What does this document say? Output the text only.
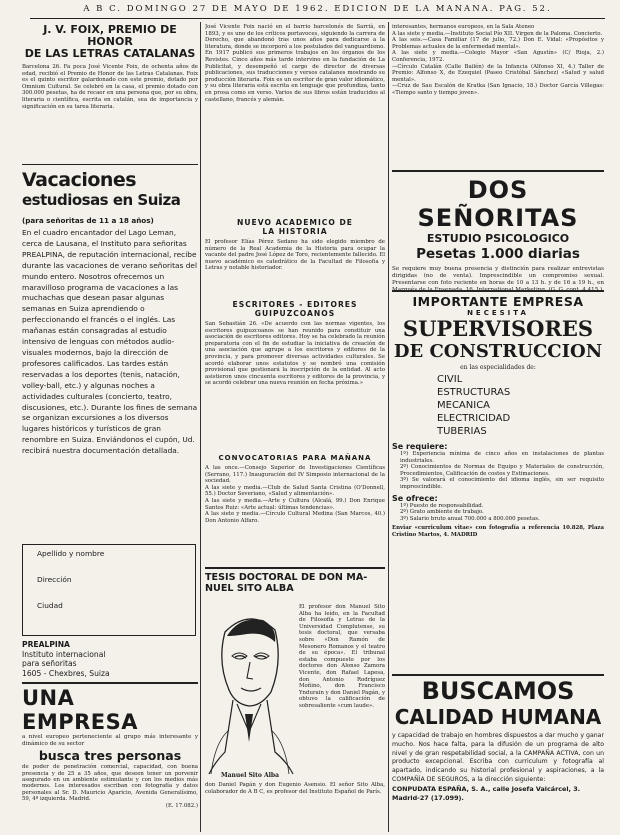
A B C. DOMINGO 27 DE MAYO DE 1962. EDICION DE LA MAÑANA. PAG. 52.
J. V. FOIX, PREMIO DE HONOR
DE LAS LETRAS CATALANAS

Barcelona 26. Fa poca José Vicente Foix, de ochenta años de edad, recibió el Premio de Honor de las Letras Catalanas. Foix es el quinto escritor galardonado con este premio, dotado por Omnium Cultural. Se celebró en la casa, el premio dotado con 300.000 pesetas, ha de recaer en una persona que, por su obra, literaria o científica, escrita en catalán, sea de importancia y significación en su tarea literaria.

Vacaciones
estudiosas en Suiza
(para señoritas de 11 a 18 años)

En el cuadro encantador del Lago Leman, cerca de Lausana, el Instituto para señoritas PREALPINA, de reputación internacional, recibe durante las vacaciones de verano señoritas del mundo entero. Nosotros ofrecemos un maravilloso programa de vacaciones a las muchachas que desean pasar algunas semanas en Suiza aprendiendo o perfeccionando el francés o el inglés. Las mañanas están consagradas al estudio intensivo de lenguas con métodos audio-visuales modernos, bajo la dirección de profesores calificados. Las tardes están reservadas a los deportes (tenis, natación, volley-ball, etc.) y algunas noches a actividades culturales (concierto, teatro, discusiones, etc.). Durante los fines de semana se organizan excursiones a los diversos lugares históricos y turísticos de gran renombre en Suiza. Enviándonos el cupón, Ud. recibirá nuestra documentación detallada.

Apellido y nombre
Dirección
Ciudad
PREALPINA
Instituto internacional
para señoritas
1605 - Chexbres, Suiza
UNA EMPRESA

a nivel europeo perteneciente al grupo más interesante y dinámico de su sector

busca tres personas

de poder de penetración comercial, capacidad, con buena presencia y de 25 a 35 años, que deseen tener un porvenir asegurado en un ambiente estimulante y con los medios más modernos. Los interesados escriban con fotografía y datos personales al Sr. D. Mauricio Aparicio, Avenida Generalísimo, 59, 4º izquierda. Madrid.

(E. 17.082.)

José Vicente Foix nació en el barrio barcelonés de Sarrià, en 1893, y es uno de los críticos portavoces, siguiendo la carrera de Derecho, que abandonó tras unos años para dedicarse a la literatura, donde se incorporó a los postulados del vanguardismo. En 1917 publicó sus primeros trabajos en los órganos de los Revistes. Cinco años más tarde intervino en la fundación de La Publicitat, y desempeñó el cargo de director de diversas publicaciones, sus traducciones y versos catalanes mostrando su producción literaria. Foix es un escritor de gran valor idiomático, y su obra literaria está escrita en lenguaje que profundiza, tanto en prosa como en verso. Varios de sus libros están traducidos al castellano, francés y alemán.

NUEVO ACADEMICO DE
LA HISTORIA

El profesor Elías Pérez Sedano ha sido elegido miembro de número de la Real Academia de la Historia para ocupar la vacante del padre José López de Toro, recientemente fallecido. El nuevo académico es catedrático de la Facultad de Filosofía y Letras y notable historiador.

ESCRITORES - EDITORES
GUIPUZCOANOS

San Sebastián 26. «De acuerdo con las normas vigentes, los escritores guipuzcoanos se han reunido para constituir una asociación de escritores editores. Hoy se ha celebrado la reunión preparatoria con el fin de estudiar la iniciativa de creación de una asociación que agrupe a los escritores y editores de la provincia, y para promover diversas actividades culturales. Se acordó elaborar unos estatutos y se nombró una comisión provisional que gestionará la inscripción de la entidad. Al acto asistieron unos cincuenta escritores y editores de la provincia, y se acordó celebrar una nueva reunión en fecha próxima.»

CONVOCATORIAS PARA MAÑANA

A las once.—Consejo Superior de Investigaciones Científicas (Serrano, 117.) Inauguración del IV Simposio internacional de la sociedad.

A las siete y media.—Club de Salud Santa Cristina (O'Donnell, 55.) Doctor Severiano, «Salud y alimentación».

A las siete y media.—Arte y Cultura (Alcalá, 99.) Don Enrique Santos Ruiz: «Arte actual: últimas tendencias».

A las siete y media.—Círculo Cultural Medina (San Marcos, 40.) Don Antonio Alfaro.

TESIS DOCTORAL DE DON MA-
NUEL SITO ALBA
Manuel Sito Alba

El profesor don Manuel Sito Alba ha leído, en la Facultad de Filosofía y Letras de la Universidad Complutense, su tesis doctoral, que versaba sobre «Don Ramón de Mesonero Romanos y el teatro de su época». El tribunal estaba compuesto por los doctores don Alonso Zamora Vicente, don Rafael Lapesa, don Antonio Rodríguez Moñino, don Francisco Yndurain y don Daniel Pagán, y obtuvo la calificación de sobresaliente «cum laude».

don Daniel Pagán y don Eugenio Asensio. El señor Sito Alba, colaborador de A B C, es profesor del Instituto Español de París.

interesantes, hermanos europeos, en la Sala Ateneo

A las siete y media.—Instituto Social Pío XII. Virgen de la Paloma. Concierto.

A las seis.—Casa Familiar (17 de julio, 72.) Don E. Vidal: «Propósitos y Problemas actuales de la enfermedad mental».

A las siete y media.—Colegio Mayor «San Agustín» (C/ Rioja, 2.) Conferencia, 1972.

—Círculo Catalán (Calle Bailén) de la Infancia (Alfonso XI, 4.) Taller de Premio: Alfonso X, de Ezequiel (Paseo Cristóbal Sánchez) «Salud y salud mental».

—Cruz de Sau Escalón de Kratka (San Ignacio, 18.) Doctor García Villegas: «Tiempo santo y tiempo joven».

DOS SEÑORITAS
ESTUDIO PSICOLOGICO
Pesetas 1.000 diarias

Se requiere muy buena presencia y distinción para realizar entrevistas dirigidas (no de venta). Imprescindible un compromiso sexual. Presentarse con foto reciente en horas de 10 a 13 h. y de 16 a 19 h., en

IMPORTANTE EMPRESA
NECESITA
SUPERVISORES
DE CONSTRUCCION
en las especialidades de:
CIVIL
ESTRUCTURAS
MECANICA
ELECTRICIDAD
TUBERIAS
Se requiere:

1º) Experiencia mínima de cinco años en instalaciones de plantas industriales.

2º) Conocimientos de Normas de Equipo y Materiales de construcción, Procedimientos, Calificación de costos y Estimaciones.

3º) Se valorará el conocimiento del idioma inglés, sin ser requisito imprescindible.

Se ofrece:

1º) Puesto de responsabilidad.

2º) Grato ambiente de trabajo.

3º) Salario bruto anual 700.000 a 800.000 pesetas.

Enviar «curriculum vitae» con fotografía a referencia 10.828, Plaza Cristino Martos, 4. MADRID

BUSCAMOS
CALIDAD HUMANA

y capacidad de trabajo en hombres dispuestos a dar mucho y ganar mucho. Nos hace falta, para la difusión de un programa de alto nivel y de gran respetabilidad social, a la CAMPAÑA ACTIVA, con un producto excepcional. Escriba con curriculum y fotografía al apartado, indicando su historial profesional y aspiraciones, a la COMPAÑÍA DE SEGUROS, a la dirección siguiente:

CONPUDATA ESPAÑA, S. A., calle Josefa Valcárcel, 3. Madrid-27 (17.099).
